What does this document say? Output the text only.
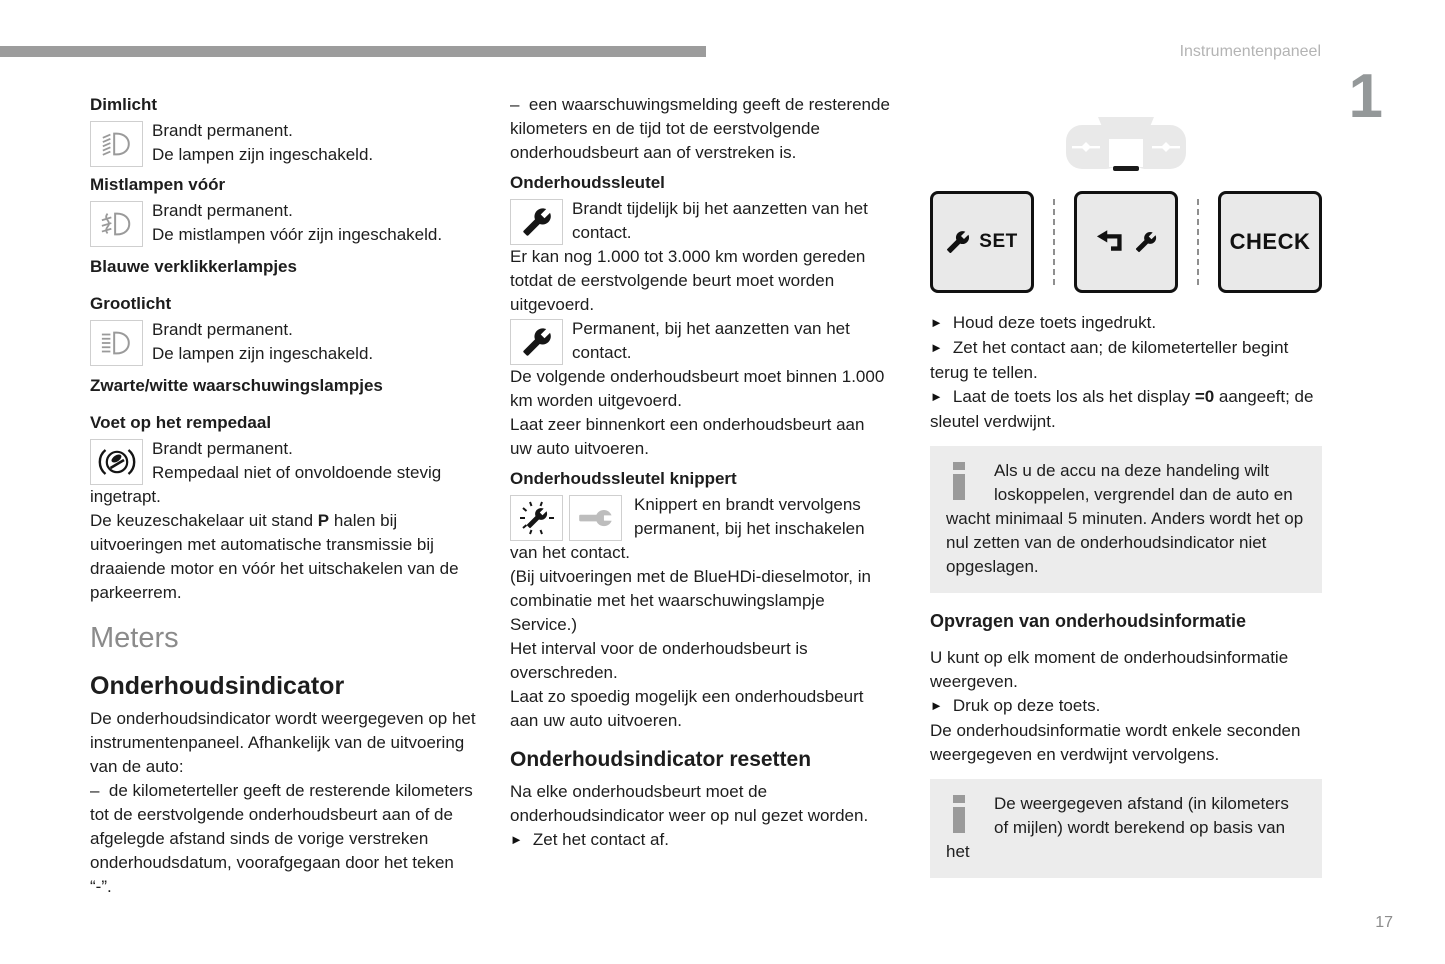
Instrumentenpaneel
1
17
Dimlicht

Brandt permanent.
De lampen zijn ingeschakeld.

Mistlampen vóór

Brandt permanent.
De mistlampen vóór zijn ingeschakeld.

Blauwe verklikkerlampjes
Grootlicht

Brandt permanent.
De lampen zijn ingeschakeld.

Zwarte/witte waarschuwingslampjes
Voet op het rempedaal

Brandt permanent.
Rempedaal niet of onvoldoende stevig ingetrapt.

De keuzeschakelaar uit stand P halen bij uitvoeringen met automatische transmissie bij draaiende motor en vóór het uitschakelen van de parkeerrem.

Meters
Onderhoudsindicator

De onderhoudsindicator wordt weergegeven op het instrumentenpaneel. Afhankelijk van de uitvoering van de auto:

–  de kilometerteller geeft de resterende kilometers tot de eerstvolgende onderhoudsbeurt aan of de afgelegde afstand sinds de vorige verstreken onderhoudsdatum, voorafgegaan door het teken “-”.

–  een waarschuwingsmelding geeft de resterende kilometers en de tijd tot de eerstvolgende onderhoudsbeurt aan of verstreken is.

Onderhoudssleutel

Brandt tijdelijk bij het aanzetten van het contact.

Er kan nog 1.000 tot 3.000 km worden gereden totdat de eerstvolgende beurt moet worden uitgevoerd.

Permanent, bij het aanzetten van het contact.

De volgende onderhoudsbeurt moet binnen 1.000 km worden uitgevoerd.

Laat zeer binnenkort een onderhoudsbeurt aan uw auto uitvoeren.

Onderhoudssleutel knippert

Knippert en brandt vervolgens permanent, bij het inschakelen van het contact.

(Bij uitvoeringen met de BlueHDi-dieselmotor, in combinatie met het waarschuwingslampje Service.)

Het interval voor de onderhoudsbeurt is overschreden.

Laat zo spoedig mogelijk een onderhoudsbeurt aan uw auto uitvoeren.

Onderhoudsindicator resetten

Na elke onderhoudsbeurt moet de onderhoudsindicator weer op nul gezet worden.

► Zet het contact af.

SET	CHECK

► Houd deze toets ingedrukt.

► Zet het contact aan; de kilometerteller begint terug te tellen.

► Laat de toets los als het display =0 aangeeft; de sleutel verdwijnt.

Als u de accu na deze handeling wilt loskoppelen, vergrendel dan de auto en wacht minimaal 5 minuten. Anders wordt het op nul zetten van de onderhoudsindicator niet opgeslagen.
Opvragen van onderhoudsinformatie

U kunt op elk moment de onderhoudsinformatie weergeven.

► Druk op deze toets.

De onderhoudsinformatie wordt enkele seconden weergegeven en verdwijnt vervolgens.

De weergegeven afstand (in kilometers of mijlen) wordt berekend op basis van het
